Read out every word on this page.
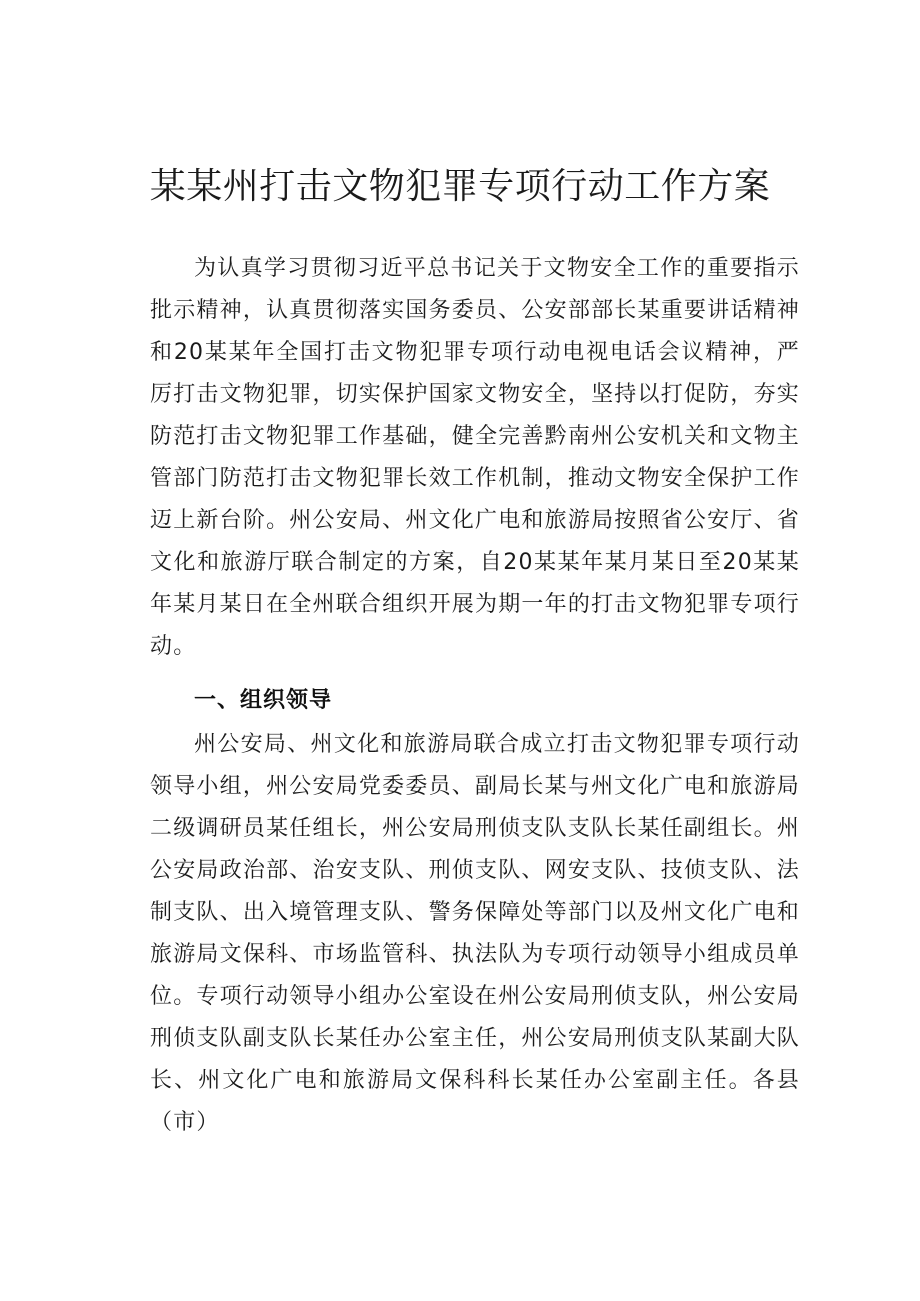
某某州打击文物犯罪专项行动工作方案

为认真学习贯彻习近平总书记关于文物安全工作的重要指示批示精神，认真贯彻落实国务委员、公安部部长某重要讲话精神和20某某年全国打击文物犯罪专项行动电视电话会议精神，严厉打击文物犯罪，切实保护国家文物安全，坚持以打促防，夯实防范打击文物犯罪工作基础，健全完善黔南州公安机关和文物主管部门防范打击文物犯罪长效工作机制，推动文物安全保护工作迈上新台阶。州公安局、州文化广电和旅游局按照省公安厅、省文化和旅游厅联合制定的方案，自20某某年某月某日至20某某年某月某日在全州联合组织开展为期一年的打击文物犯罪专项行动。

一、组织领导

州公安局、州文化和旅游局联合成立打击文物犯罪专项行动领导小组，州公安局党委委员、副局长某与州文化广电和旅游局二级调研员某任组长，州公安局刑侦支队支队长某任副组长。州公安局政治部、治安支队、刑侦支队、网安支队、技侦支队、法制支队、出入境管理支队、警务保障处等部门以及州文化广电和旅游局文保科、市场监管科、执法队为专项行动领导小组成员单位。专项行动领导小组办公室设在州公安局刑侦支队，州公安局刑侦支队副支队长某任办公室主任，州公安局刑侦支队某副大队长、州文化广电和旅游局文保科科长某任办公室副主任。各县（市）
